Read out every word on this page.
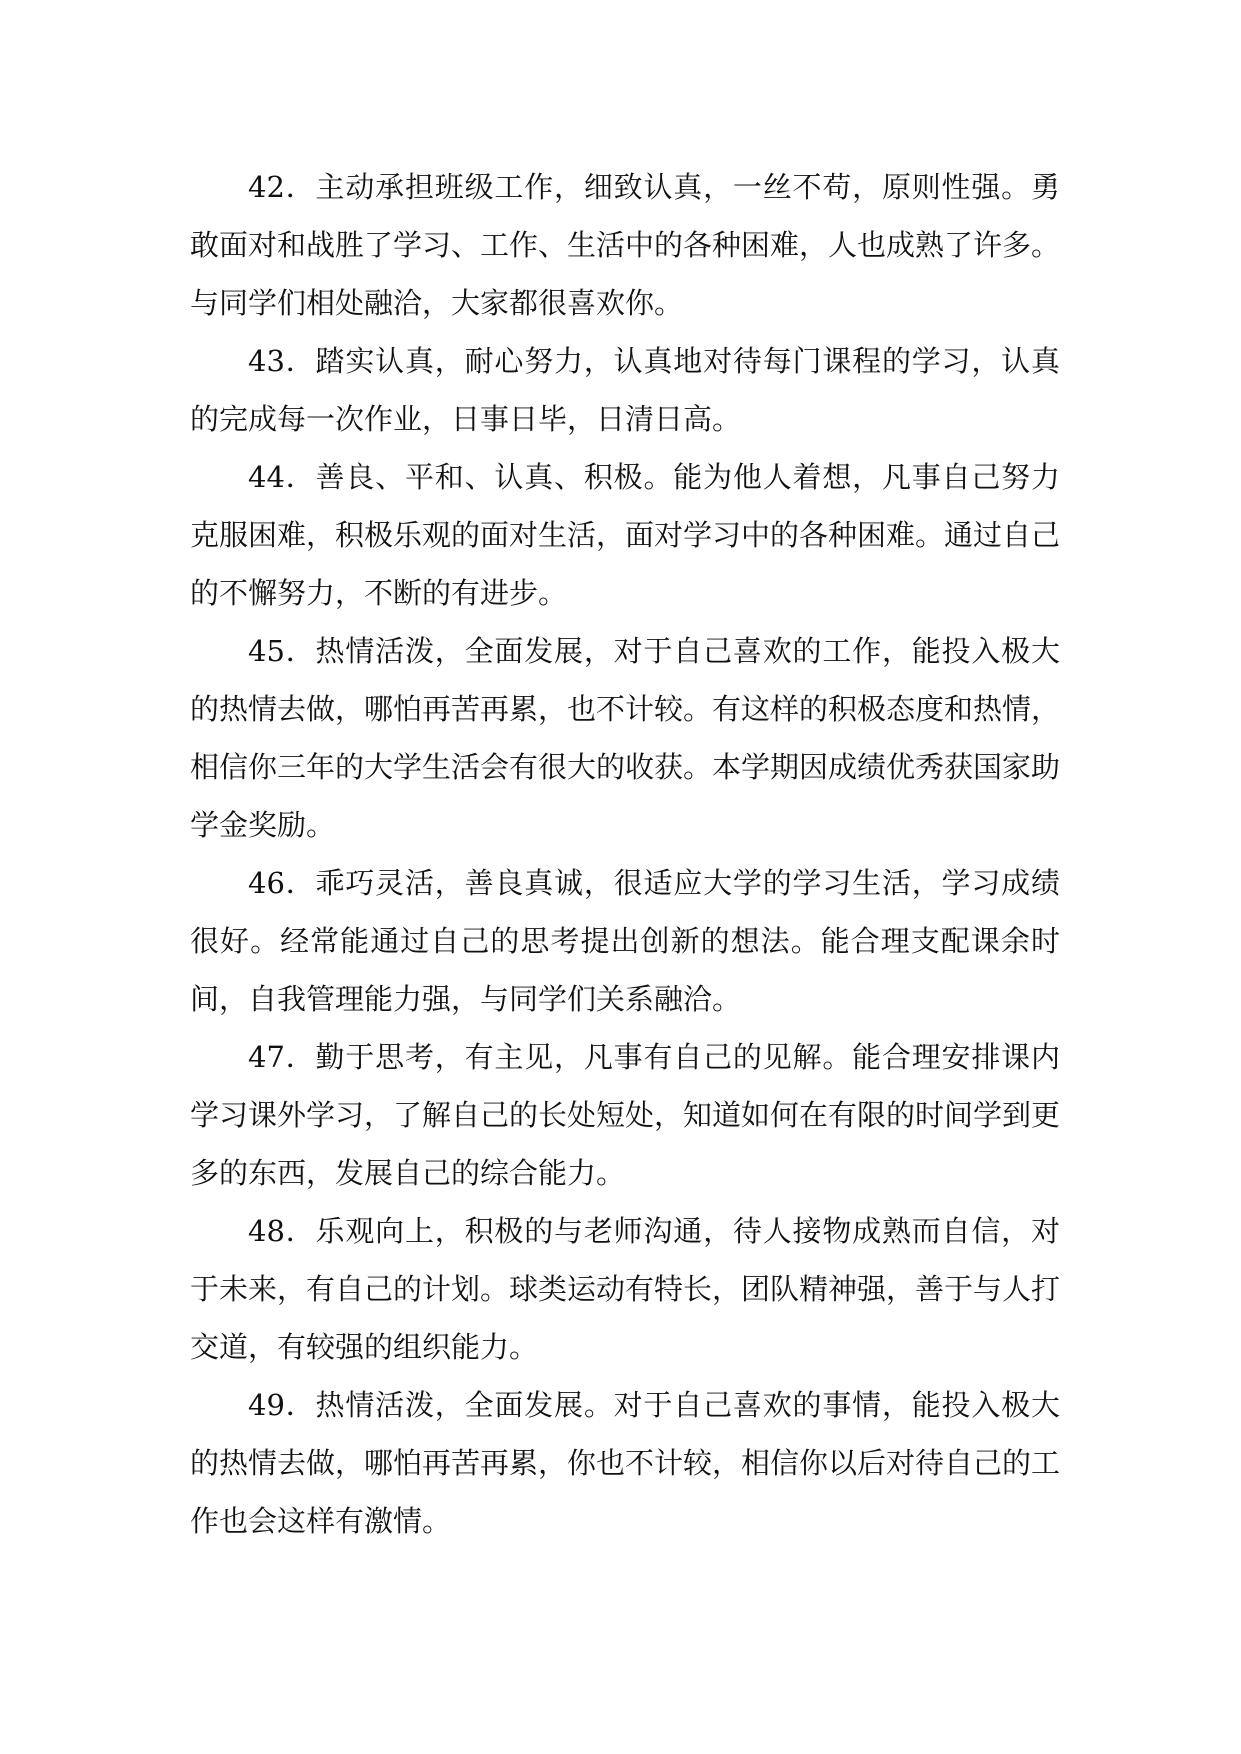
42．主动承担班级工作，细致认真，一丝不苟，原则性强。勇敢面对和战胜了学习、工作、生活中的各种困难，人也成熟了许多。与同学们相处融洽，大家都很喜欢你。

43．踏实认真，耐心努力，认真地对待每门课程的学习，认真的完成每一次作业，日事日毕，日清日高。

44．善良、平和、认真、积极。能为他人着想，凡事自己努力克服困难，积极乐观的面对生活，面对学习中的各种困难。通过自己的不懈努力，不断的有进步。

45．热情活泼，全面发展，对于自己喜欢的工作，能投入极大的热情去做，哪怕再苦再累，也不计较。有这样的积极态度和热情，相信你三年的大学生活会有很大的收获。本学期因成绩优秀获国家助学金奖励。

46．乖巧灵活，善良真诚，很适应大学的学习生活，学习成绩很好。经常能通过自己的思考提出创新的想法。能合理支配课余时间，自我管理能力强，与同学们关系融洽。

47．勤于思考，有主见，凡事有自己的见解。能合理安排课内学习课外学习，了解自己的长处短处，知道如何在有限的时间学到更多的东西，发展自己的综合能力。

48．乐观向上，积极的与老师沟通，待人接物成熟而自信，对于未来，有自己的计划。球类运动有特长，团队精神强，善于与人打交道，有较强的组织能力。

49．热情活泼，全面发展。对于自己喜欢的事情，能投入极大的热情去做，哪怕再苦再累，你也不计较，相信你以后对待自己的工作也会这样有激情。
